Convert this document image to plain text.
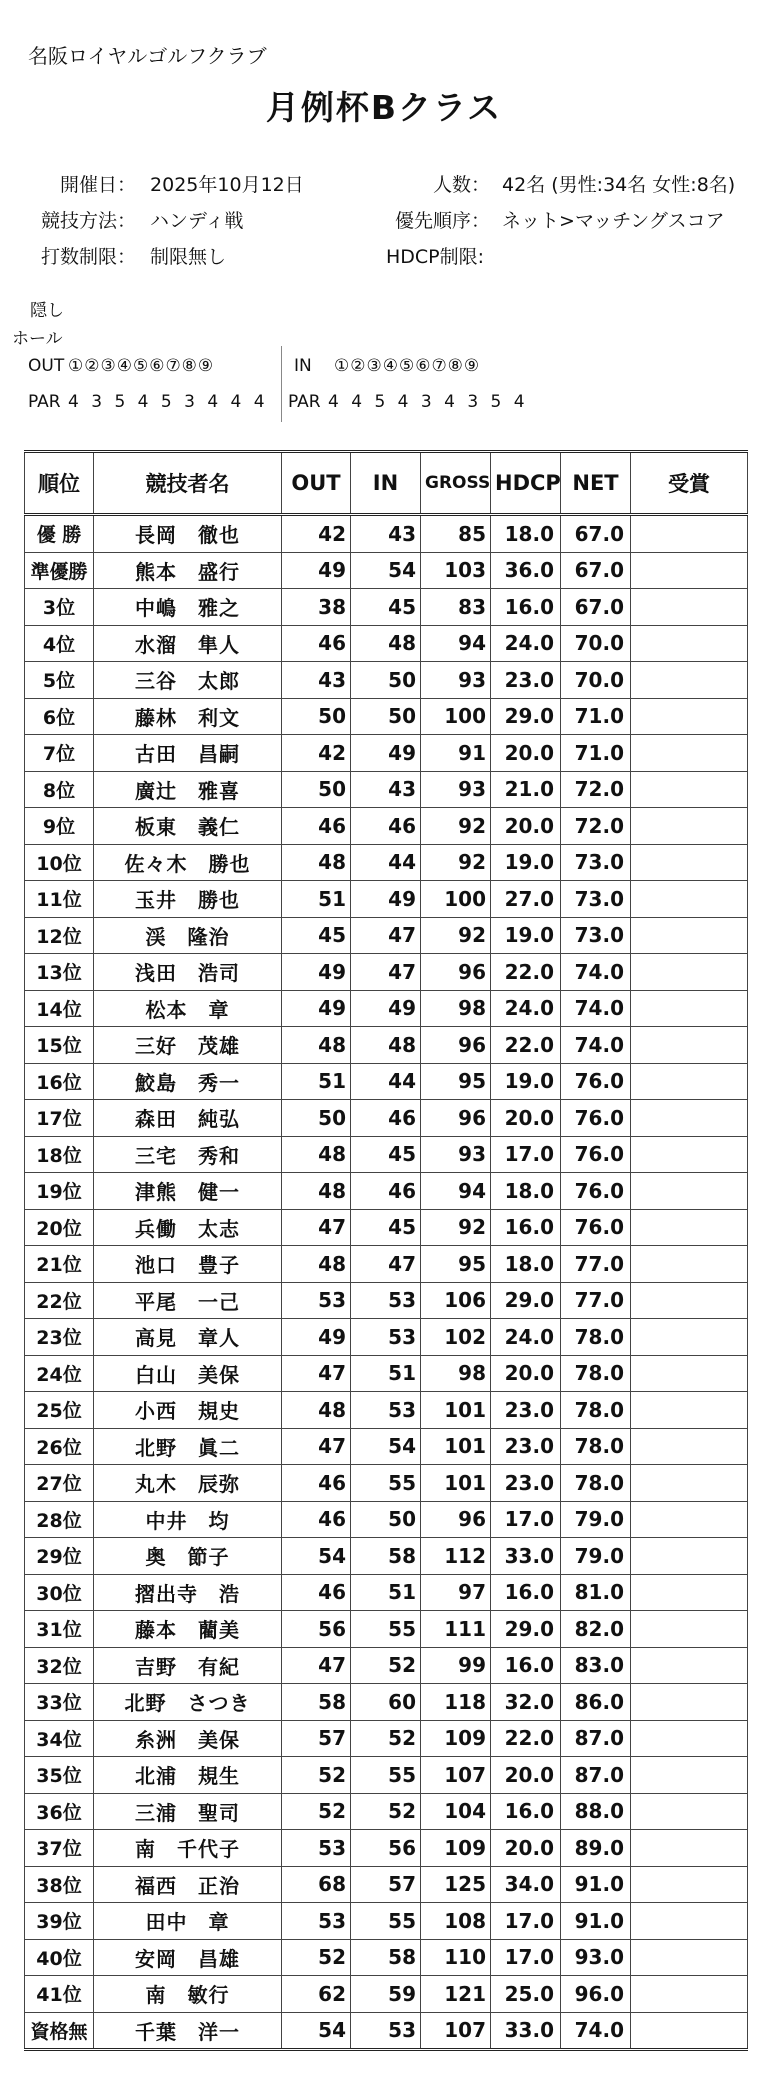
名阪ロイヤルゴルフクラブ
月例杯Bクラス
開催日： 2025年10月12日
競技方法： ハンディ戦
打数制限： 制限無し
人数： 42名 (男性:34名 女性:8名)
優先順序： ネット>マッチングスコア
HDCP制限:
隠し
ホール
OUT ①②③④⑤⑥⑦⑧⑨	IN ①②③④⑤⑥⑦⑧⑨
PAR 4 3 5 4 5 3 4 4 4 PAR 4 4 5 4 3 4 3 5 4
順位	競技者名	OUT	IN	GROSS	HDCP	NET	受賞
優 勝	長岡　徹也	42	43	85	18.0	67.0	
準優勝	熊本　盛行	49	54	103	36.0	67.0	
3位	中嶋　雅之	38	45	83	16.0	67.0	
4位	水溜　隼人	46	48	94	24.0	70.0	
5位	三谷　太郎	43	50	93	23.0	70.0	
6位	藤林　利文	50	50	100	29.0	71.0	
7位	古田　昌嗣	42	49	91	20.0	71.0	
8位	廣辻　雅喜	50	43	93	21.0	72.0	
9位	板東　義仁	46	46	92	20.0	72.0	
10位	佐々木　勝也	48	44	92	19.0	73.0	
11位	玉井　勝也	51	49	100	27.0	73.0	
12位	渓　隆治	45	47	92	19.0	73.0	
13位	浅田　浩司	49	47	96	22.0	74.0	
14位	松本　章	49	49	98	24.0	74.0	
15位	三好　茂雄	48	48	96	22.0	74.0	
16位	鮫島　秀一	51	44	95	19.0	76.0	
17位	森田　純弘	50	46	96	20.0	76.0	
18位	三宅　秀和	48	45	93	17.0	76.0	
19位	津熊　健一	48	46	94	18.0	76.0	
20位	兵働　太志	47	45	92	16.0	76.0	
21位	池口　豊子	48	47	95	18.0	77.0	
22位	平尾　一己	53	53	106	29.0	77.0	
23位	高見　章人	49	53	102	24.0	78.0	
24位	白山　美保	47	51	98	20.0	78.0	
25位	小西　規史	48	53	101	23.0	78.0	
26位	北野　眞二	47	54	101	23.0	78.0	
27位	丸木　辰弥	46	55	101	23.0	78.0	
28位	中井　均	46	50	96	17.0	79.0	
29位	奥　節子	54	58	112	33.0	79.0	
30位	摺出寺　浩	46	51	97	16.0	81.0	
31位	藤本　藺美	56	55	111	29.0	82.0	
32位	吉野　有紀	47	52	99	16.0	83.0	
33位	北野　さつき	58	60	118	32.0	86.0	
34位	糸洲　美保	57	52	109	22.0	87.0	
35位	北浦　規生	52	55	107	20.0	87.0	
36位	三浦　聖司	52	52	104	16.0	88.0	
37位	南　千代子	53	56	109	20.0	89.0	
38位	福西　正治	68	57	125	34.0	91.0	
39位	田中　章	53	55	108	17.0	91.0	
40位	安岡　昌雄	52	58	110	17.0	93.0	
41位	南　敏行	62	59	121	25.0	96.0	
資格無	千葉　洋一	54	53	107	33.0	74.0	
